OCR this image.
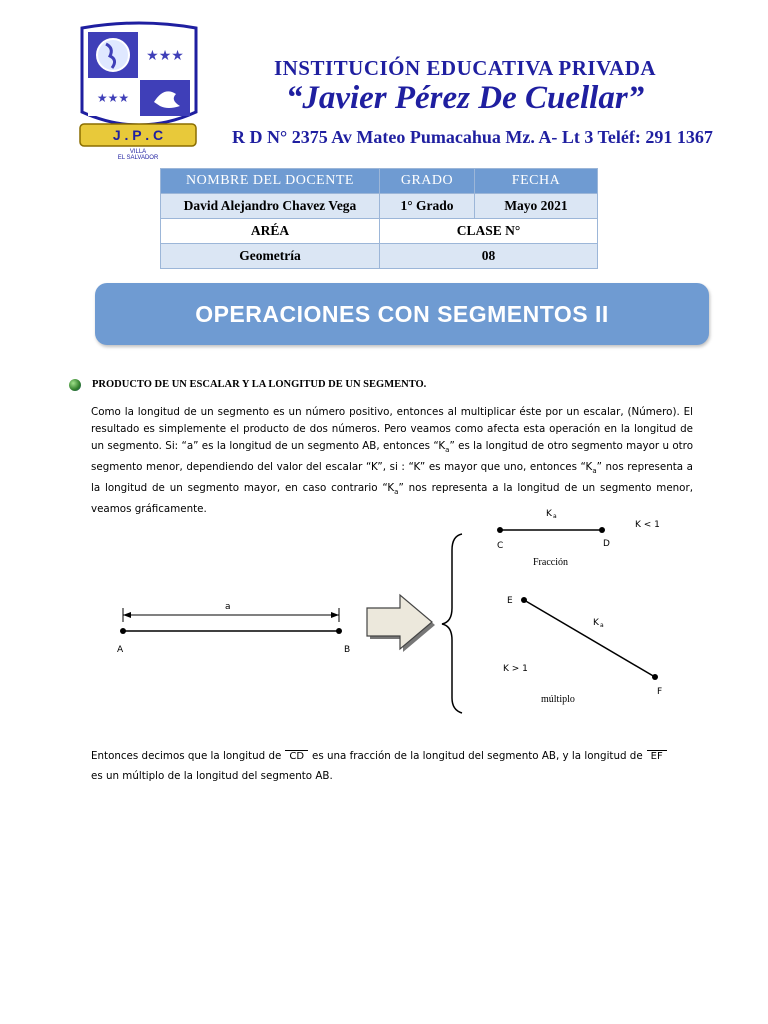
★★★
★★★
J . P . C
VILLA
EL SALVADOR
INSTITUCIÓN EDUCATIVA PRIVADA
“Javier Pérez De Cuellar”
R D N° 2375 Av Mateo Pumacahua Mz. A- Lt 3 Teléf: 291 1367
NOMBRE DEL DOCENTE	GRADO	FECHA
David Alejandro Chavez Vega	1° Grado	Mayo 2021
ARÉA	CLASE N°	
Geometría	08	
OPERACIONES CON SEGMENTOS II
PRODUCTO DE UN ESCALAR Y LA LONGITUD DE UN SEGMENTO.
Como la longitud de un segmento es un número positivo, entonces al multiplicar éste por un escalar, (Número). El resultado es simplemente el producto de dos números. Pero veamos como afecta esta operación en la longitud de un segmento. Si: “a” es la longitud de un segmento AB, entonces “$K_a$” es la longitud de otro segmento mayor u otro segmento menor, dependiendo del valor del escalar “K”, si : “K” es mayor que uno, entonces “$K_a$” nos representa a la longitud de un segmento mayor, en caso contrario “$K_a$” nos representa a la longitud de un segmento menor, veamos gráficamente.
a
A	B
K a
K < 1
C	D
Fracción
E
F
K a
K > 1
múltiplo
Entonces decimos que la longitud de CD es una fracción de la longitud del segmento AB, y la longitud de EF
es un múltiplo de la longitud del segmento AB.
